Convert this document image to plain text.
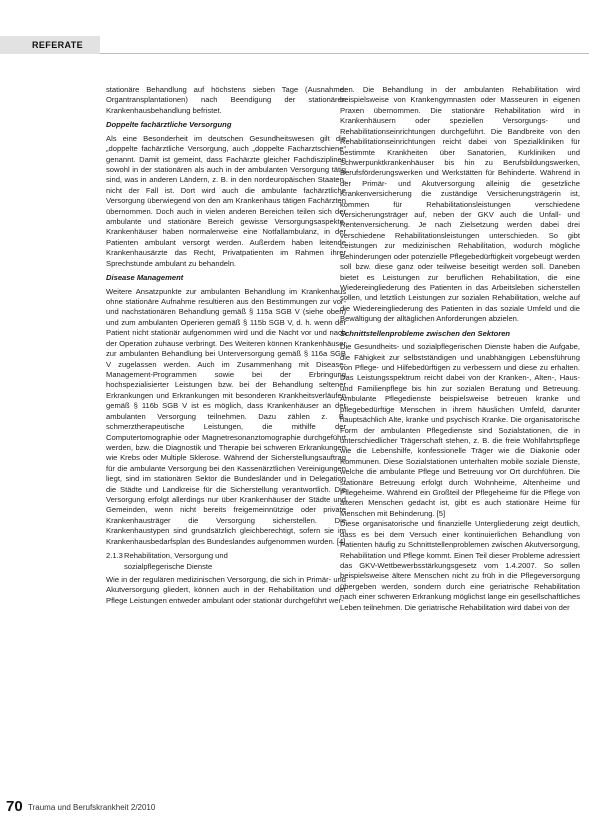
REFERATE

stationäre Behandlung auf höchstens sieben Tage (Ausnahme: Organtransplantationen) nach Beendigung der stationären Krankenhausbehandlung befristet.

Doppelte fachärztliche Versorgung

Als eine Besonderheit im deutschen Gesundheitswesen gilt die „doppelte fachärztliche Versorgung, auch „doppelte Facharztschiene“ genannt. Damit ist gemeint, dass Fachärzte gleicher Fachdisziplinen sowohl in der stationären als auch in der ambulanten Versorgung tätig sind, was in anderen Ländern, z. B. in den nordeuropäischen Staaten, nicht der Fall ist. Dort wird auch die ambulante fachärztliche Versorgung überwiegend von den am Krankenhaus tätigen Fachärzten übernommen. Doch auch in vielen anderen Bereichen teilen sich der ambulante und stationäre Bereich gewisse Versorgungsaspekte. Krankenhäuser haben normalerweise eine Notfallambulanz, in der Patienten ambulant versorgt werden. Außerdem haben leitende Krankenhausärzte das Recht, Privatpatienten im Rahmen ihrer Sprechstunde ambulant zu behandeln.

Disease Management

Weitere Ansatzpunkte zur ambulanten Behandlung im Krankenhaus ohne stationäre Aufnahme resultieren aus den Bestimmungen zur vor- und nachstationären Behandlung gemäß § 115a SGB V (siehe oben) und zum ambulanten Operieren gemäß § 115b SGB V, d. h. wenn der Patient nicht stationär aufgenommen wird und die Nacht vor und nach der Operation zuhause verbringt. Des Weiteren können Krankenhäuser zur ambulanten Behandlung bei Unterversorgung gemäß § 116a SGB V zugelassen werden. Auch im Zusammenhang mit Disease-Management-Programmen sowie bei der Erbringung hochspezialisierter Leistungen bzw. bei der Behandlung seltener Erkrankungen und Erkrankungen mit besonderen Krankheitsverläufen gemäß § 116b SGB V ist es möglich, dass Krankenhäuser an der ambulanten Versorgung teilnehmen. Dazu zählen z. B. schmerztherapeutische Leistungen, die mithilfe der Computertomographie oder Magnetresonanztomographie durchgeführt werden, bzw. die Diagnostik und Therapie bei schweren Erkrankungen wie Krebs oder Multiple Sklerose. Während der Sicherstellungsauftrag für die ambulante Versorgung bei den Kassenärztlichen Vereinigungen liegt, sind im stationären Sektor die Bundesländer und in Delegation die Städte und Landkreise für die Sicherstellung verantwortlich. Die Versorgung erfolgt allerdings nur über Krankenhäuser der Städte und Gemeinden, wenn nicht bereits freigemeinnützige oder private Krankenhausträger die Versorgung sicherstellen. Die Krankenhaustypen sind grundsätzlich gleichberechtigt, sofern sie im Krankenhausbedarfsplan des Bundeslandes aufgenommen wurden. [4]

2.1.3Rehabilitation, Versorgung und
sozialpflegerische Dienste

Wie in der regulären medizinischen Versorgung, die sich in Primär- und Akutversorgung gliedert, können auch in der Rehabilitation und der Pflege Leistungen entweder ambulant oder stationär durchgeführt wer-

den. Die Behandlung in der ambulanten Rehabilitation wird beispielsweise von Krankengymnasten oder Masseuren in eigenen Praxen übernommen. Die stationäre Rehabilitation wird in Krankenhäusern oder speziellen Versorgungs- und Rehabilitationseinrichtungen durchgeführt. Die Bandbreite von den Rehabilitationseinrichtungen reicht dabei von Spezialkliniken für bestimmte Krankheiten über Sanatorien, Kurkliniken und Schwerpunktkrankenhäuser bis hin zu Berufsbildungswerken, Berufsförderungswerken und Werkstätten für Behinderte. Während in der Primär- und Akutversorgung alleinig die gesetzliche Krankenversicherung die zuständige Versicherungsträgerin ist, kommen für Rehabilitationsleistungen verschiedene Versicherungsträger auf, neben der GKV auch die Unfall- und Rentenversicherung. Je nach Zielsetzung werden dabei drei verschiedene Rehabilitationsleistungen unterschieden. So gibt Leistungen zur medizinischen Rehabilitation, wodurch mögliche Behinderungen oder potenzielle Pflegebedürftigkeit vorgebeugt werden soll bzw. diese ganz oder teilweise beseitigt werden soll. Daneben bietet es Leistungen zur beruflichen Rehabilitation, die eine Wiedereingliederung des Patienten in das Arbeitsleben sicherstellen sollen, und letztlich Leistungen zur sozialen Rehabilitation, welche auf die Wiedereingliederung des Patienten in das soziale Umfeld und die Bewältigung der alltäglichen Anforderungen abzielen.

Schnittstellenprobleme zwischen den Sektoren

Die Gesundheits- und sozialpflegerischen Dienste haben die Aufgabe, die Fähigkeit zur selbstständigen und unabhängigen Lebensführung von Pflege- und Hilfebedürftigen zu verbessern und diese zu erhalten. Das Leistungsspektrum reicht dabei von der Kranken-, Alten-, Haus- und Familienpflege bis hin zur sozialen Beratung und Betreuung. Ambulante Pflegedienste beispielsweise betreuen kranke und pflegebedürftige Menschen in ihrem häuslichen Umfeld, darunter hauptsächlich Alte, kranke und psychisch Kranke. Die organisatorische Form der ambulanten Pflegedienste sind Sozialstationen, die in unterschiedlicher Trägerschaft stehen, z. B. die freie Wohlfahrtspflege wie die Lebenshilfe, konfessionelle Träger wie die Diakonie oder Kommunen. Diese Sozialstationen unterhalten mobile soziale Dienste, welche die ambulante Pflege und Betreuung vor Ort durchführen. Die stationäre Betreuung erfolgt durch Wohnheime, Altenheime und Pflegeheime. Während ein Großteil der Pflegeheime für die Pflege von älteren Menschen gedacht ist, gibt es auch stationäre Heime für Menschen mit Behinderung. [5]

Diese organisatorische und finanzielle Untergliederung zeigt deutlich, dass es bei dem Versuch einer kontinuierlichen Behandlung von Patienten häufig zu Schnittstellenproblemen zwischen Akutversorgung, Rehabilitation und Pflege kommt. Einen Teil dieser Probleme adressiert das GKV-Wettbewerbsstärkungsgesetz vom 1.4.2007. So sollen beispielsweise ältere Menschen nicht zu früh in die Pflegeversorgung übergeben werden, sondern durch eine geriatrische Rehabilitation nach einer schweren Erkrankung möglichst lange ein gesellschaftliches Leben teilnehmen. Die geriatrische Rehabilitation wird dabei von der

70 Trauma und Berufskrankheit 2/2010
